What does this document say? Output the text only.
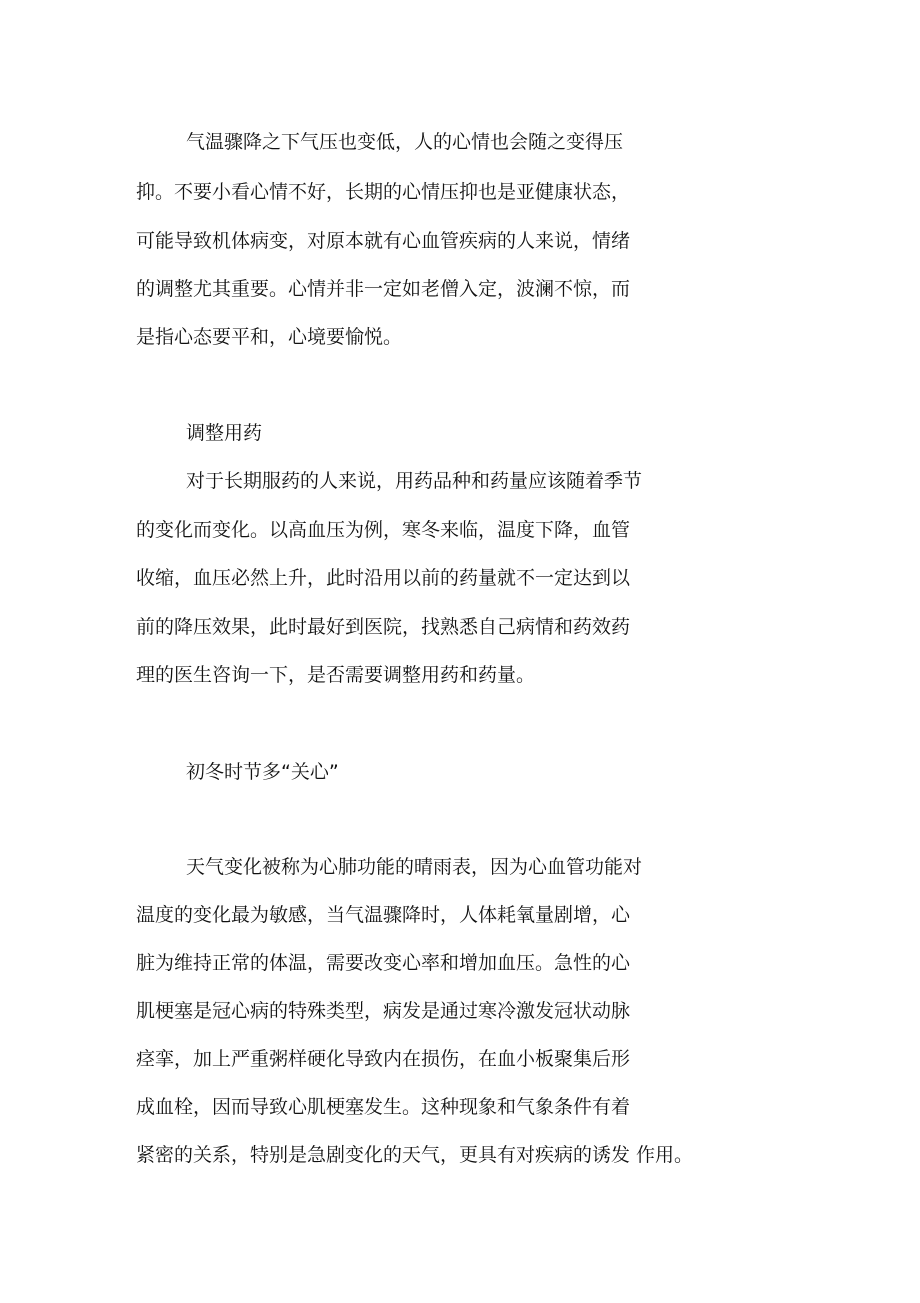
气温骤降之下气压也变低，人的心情也会随之变得压

抑。不要小看心情不好，长期的心情压抑也是亚健康状态，

可能导致机体病变，对原本就有心血管疾病的人来说，情绪

的调整尤其重要。心情并非一定如老僧入定，波澜不惊，而

是指心态要平和，心境要愉悦。

调整用药

对于长期服药的人来说，用药品种和药量应该随着季节

的变化而变化。以高血压为例，寒冬来临，温度下降，血管

收缩，血压必然上升，此时沿用以前的药量就不一定达到以

前的降压效果，此时最好到医院，找熟悉自己病情和药效药

理的医生咨询一下，是否需要调整用药和药量。

初冬时节多“关心”

天气变化被称为心肺功能的晴雨表，因为心血管功能对

温度的变化最为敏感，当气温骤降时，人体耗氧量剧增，心

脏为维持正常的体温，需要改变心率和增加血压。急性的心

肌梗塞是冠心病的特殊类型，病发是通过寒冷激发冠状动脉

痉挛，加上严重粥样硬化导致内在损伤，在血小板聚集后形

成血栓，因而导致心肌梗塞发生。这种现象和气象条件有着

紧密的关系，特别是急剧变化的天气，更具有对疾病的诱发 作用。
